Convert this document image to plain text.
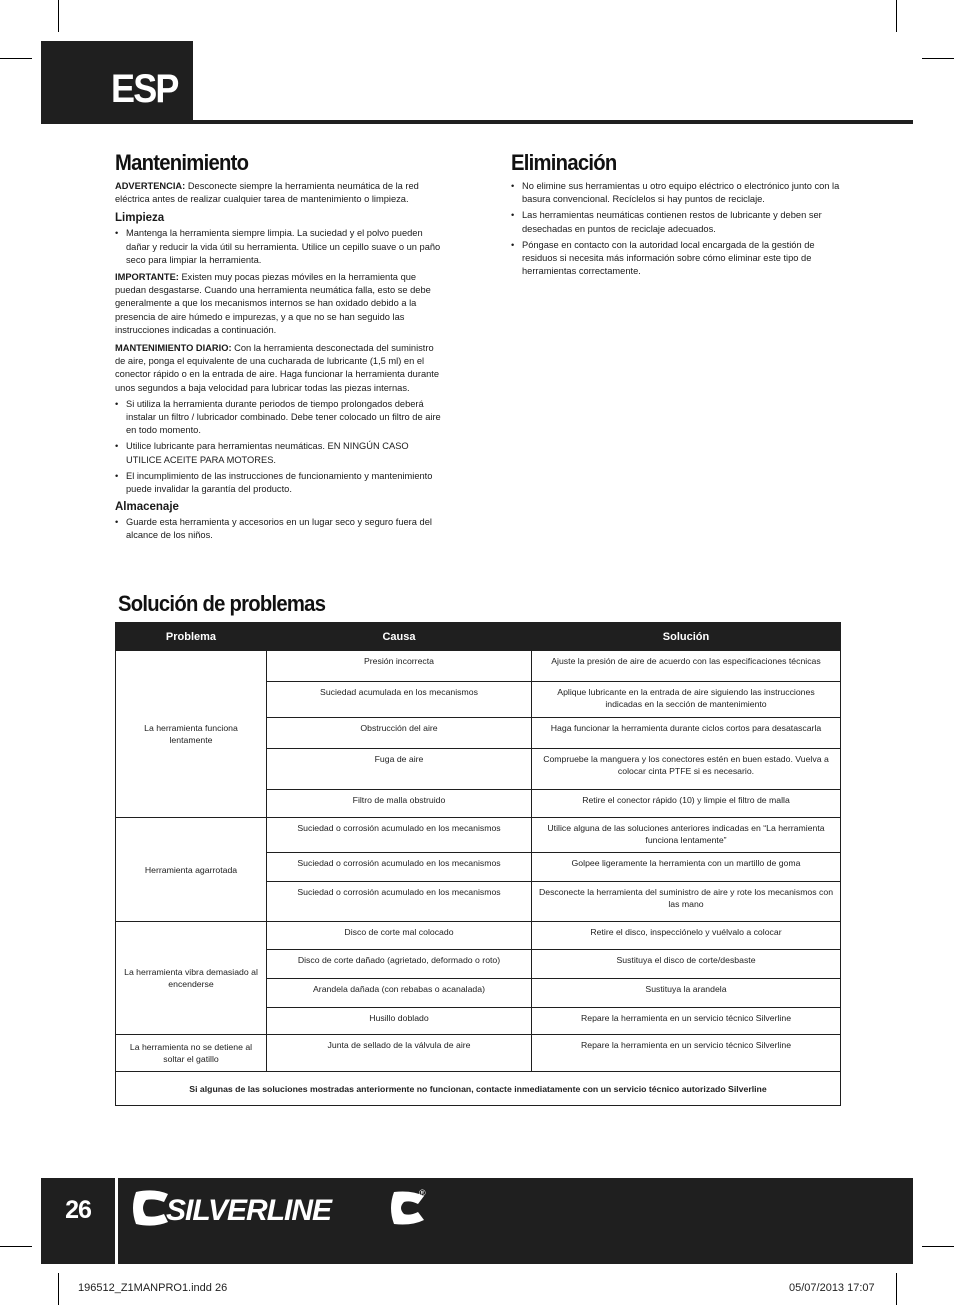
ESP
Mantenimiento

ADVERTENCIA: Desconecte siempre la herramienta neumática de la red eléctrica antes de realizar cualquier tarea de mantenimiento o limpieza.

Limpieza
• Mantenga la herramienta siempre limpia. La suciedad y el polvo pueden dañar y reducir la vida útil su herramienta. Utilice un cepillo suave o un paño seco para limpiar la herramienta.

IMPORTANTE: Existen muy pocas piezas móviles en la herramienta que puedan desgastarse. Cuando una herramienta neumática falla, esto se debe generalmente a que los mecanismos internos se han oxidado debido a la presencia de aire húmedo e impurezas, y a que no se han seguido las instrucciones indicadas a continuación.

MANTENIMIENTO DIARIO: Con la herramienta desconectada del suministro de aire, ponga el equivalente de una cucharada de lubricante (1,5 ml) en el conector rápido o en la entrada de aire. Haga funcionar la herramienta durante unos segundos a baja velocidad para lubricar todas las piezas internas.

• Si utiliza la herramienta durante periodos de tiempo prolongados deberá instalar un filtro / lubricador combinado. Debe tener colocado un filtro de aire en todo momento.
• Utilice lubricante para herramientas neumáticas. EN NINGÚN CASO UTILICE ACEITE PARA MOTORES.
• El incumplimiento de las instrucciones de funcionamiento y mantenimiento puede invalidar la garantía del producto.
Almacenaje
• Guarde esta herramienta y accesorios en un lugar seco y seguro fuera del alcance de los niños.
Eliminación
• No elimine sus herramientas u otro equipo eléctrico o electrónico junto con la basura convencional. Recíclelos si hay puntos de reciclaje.
• Las herramientas neumáticas contienen restos de lubricante y deben ser desechadas en puntos de reciclaje adecuados.
• Póngase en contacto con la autoridad local encargada de la gestión de residuos si necesita más información sobre cómo eliminar este tipo de herramientas correctamente.
Solución de problemas
Problema	Causa	Solución
La herramienta funciona lentamente	Presión incorrecta	Ajuste la presión de aire de acuerdo con las especificaciones técnicas
	Suciedad acumulada en los mecanismos	Aplique lubricante en la entrada de aire siguiendo las instrucciones indicadas en la sección de mantenimiento
	Obstrucción del aire	Haga funcionar la herramienta durante ciclos cortos para desatascarla
	Fuga de aire	Compruebe la manguera y los conectores estén en buen estado. Vuelva a colocar cinta PTFE si es necesario.
	Filtro de malla obstruido	Retire el conector rápido (10) y limpie el filtro de malla
Herramienta agarrotada	Suciedad o corrosión acumulado en los mecanismos	Utilice alguna de las soluciones anteriores indicadas en “La herramienta funciona lentamente”
	Suciedad o corrosión acumulado en los mecanismos	Golpee ligeramente la herramienta con un martillo de goma
	Suciedad o corrosión acumulado en los mecanismos	Desconecte la herramienta del suministro de aire y rote los mecanismos con las mano
La herramienta vibra demasiado al encenderse	Disco de corte mal colocado	Retire el disco, inspecciónelo y vuélvalo a colocar
	Disco de corte dañado (agrietado, deformado o roto)	Sustituya el disco de corte/desbaste
	Arandela dañada (con rebabas o acanalada)	Sustituya la arandela
	Husillo doblado	Repare la herramienta en un servicio técnico Silverline
La herramienta no se detiene al soltar el gatillo	Junta de sellado de la válvula de aire	Repare la herramienta en un servicio técnico Silverline
Si algunas de las soluciones mostradas anteriormente no funcionan, contacte inmediatamente con un servicio técnico autorizado Silverline		
26	SILVERLINE
®
196512_Z1MANPRO1.indd 26	05/07/2013 17:07
